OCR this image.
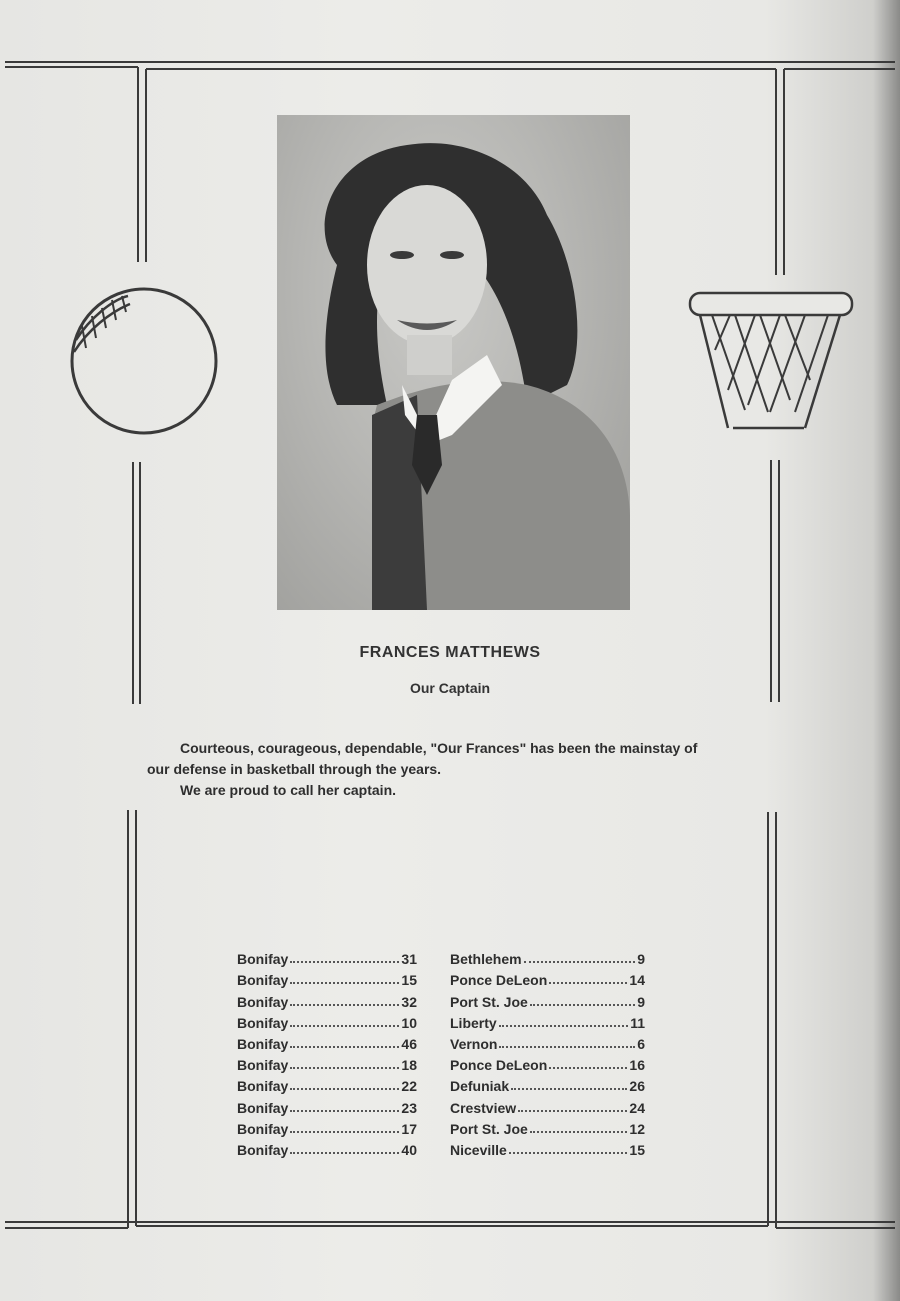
FRANCES MATTHEWS
Our Captain

Courteous, courageous, dependable, "Our Frances" has been the mainstay of

our defense in basketball through the years.

We are proud to call her captain.

Bonifay	31 Bethlehem	9
Bonifay	15 Ponce DeLeon	14
Bonifay	32 Port St. Joe	9
Bonifay	10 Liberty	11
Bonifay	46 Vernon	6
Bonifay	18 Ponce DeLeon	16
Bonifay	22 Defuniak	26
Bonifay	23 Crestview	24
Bonifay	17 Port St. Joe	12
Bonifay	40 Niceville	15
